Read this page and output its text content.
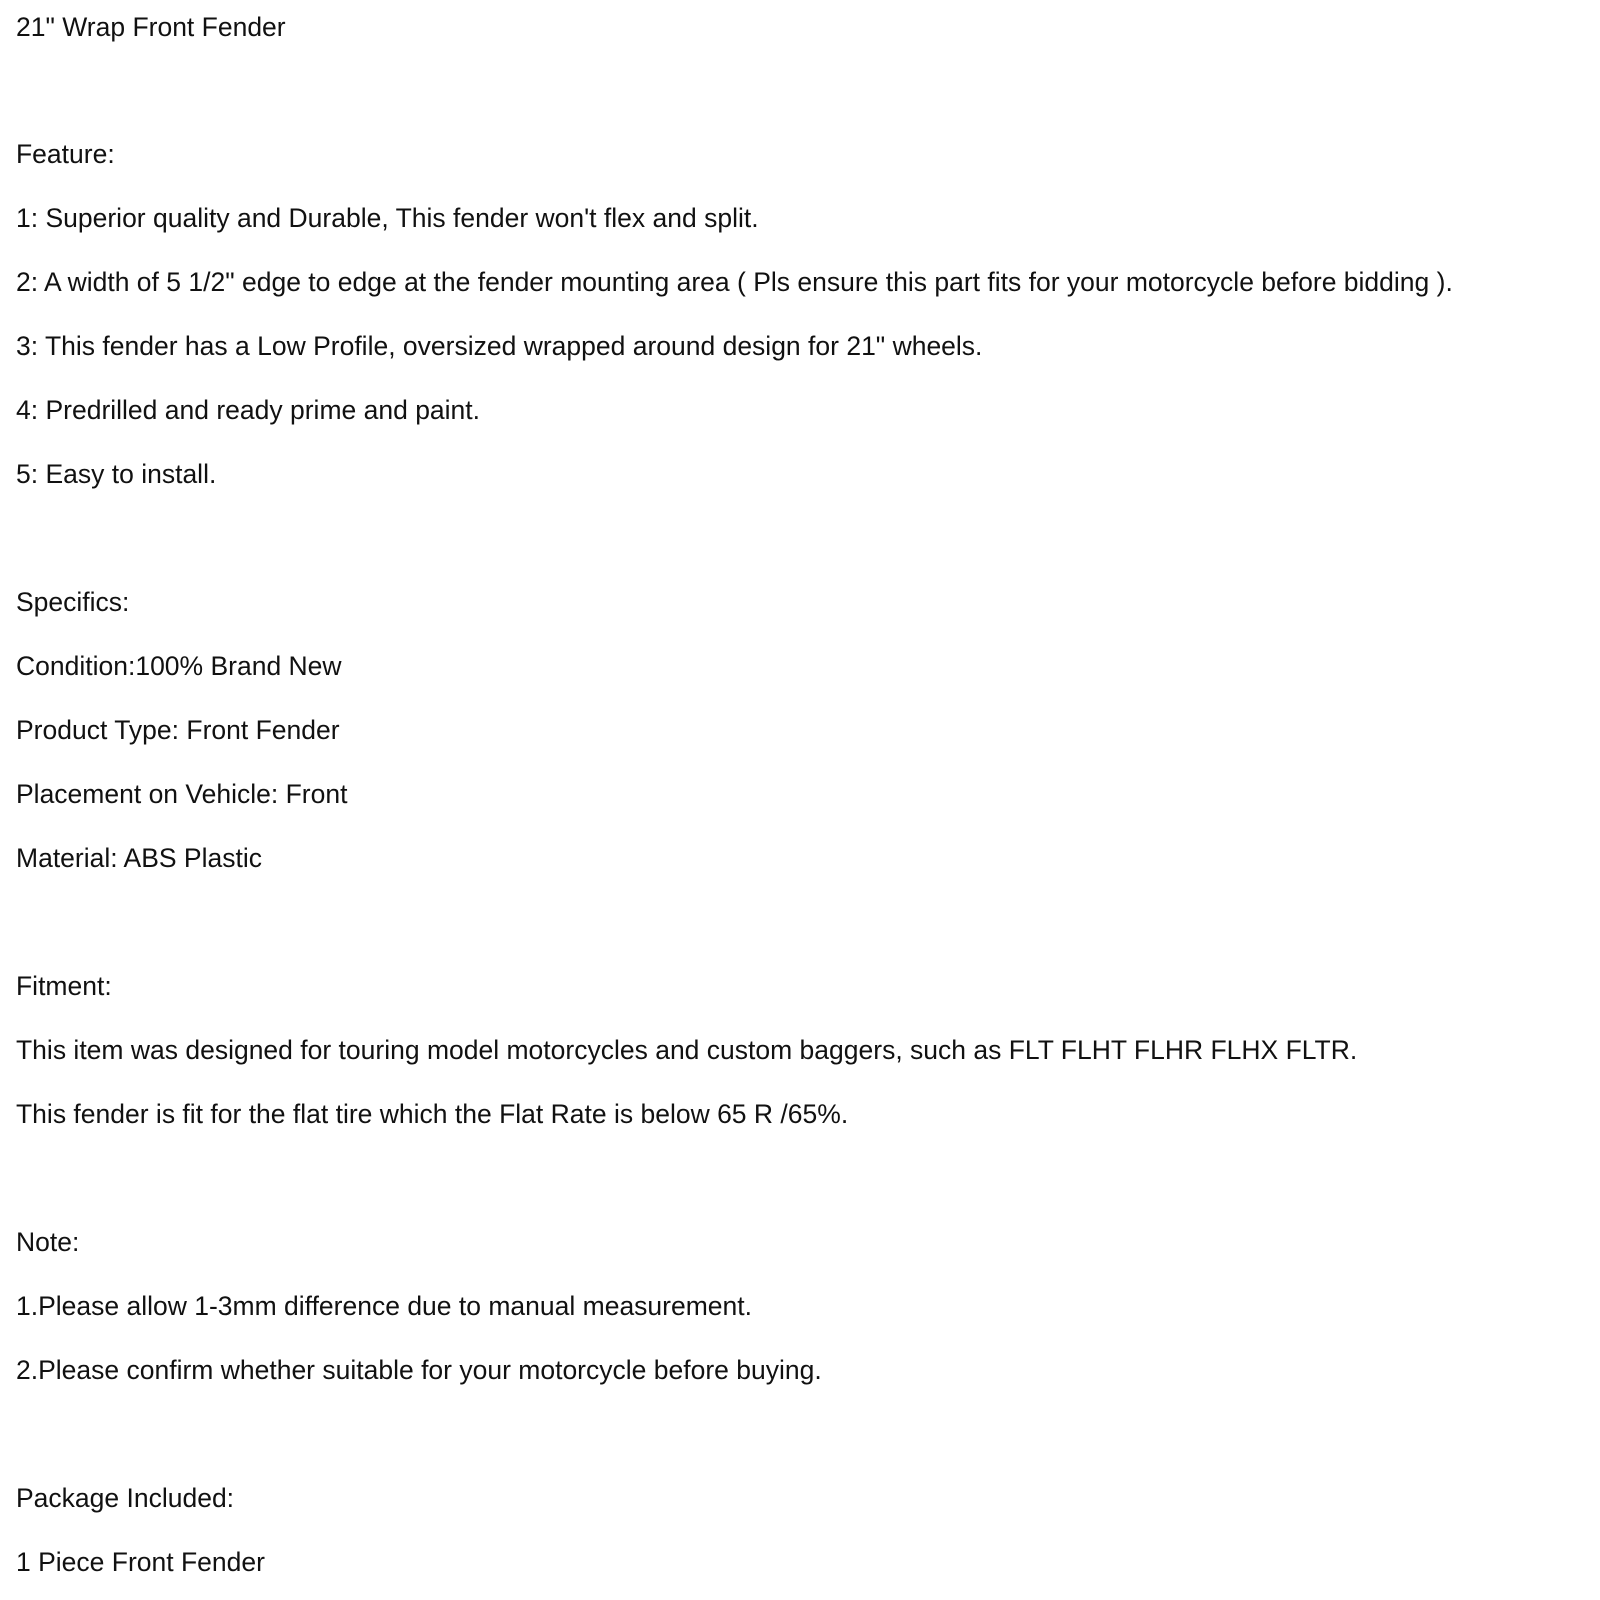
21" Wrap Front Fender
Feature:
1: Superior quality and Durable, This fender won't flex and split.
2: A width of 5 1/2" edge to edge at the fender mounting area ( Pls ensure this part fits for your motorcycle before bidding ).
3: This fender has a Low Profile, oversized wrapped around design for 21" wheels.
4: Predrilled and ready prime and paint.
5: Easy to install.
Specifics:
Condition:100% Brand New
Product Type: Front Fender
Placement on Vehicle: Front
Material: ABS Plastic
Fitment:
This item was designed for touring model motorcycles and custom baggers, such as FLT FLHT FLHR FLHX FLTR.
This fender is fit for the flat tire which the Flat Rate is below 65 R /65%.
Note:
1.Please allow 1-3mm difference due to manual measurement.
2.Please confirm whether suitable for your motorcycle before buying.
Package Included:
1 Piece Front Fender
